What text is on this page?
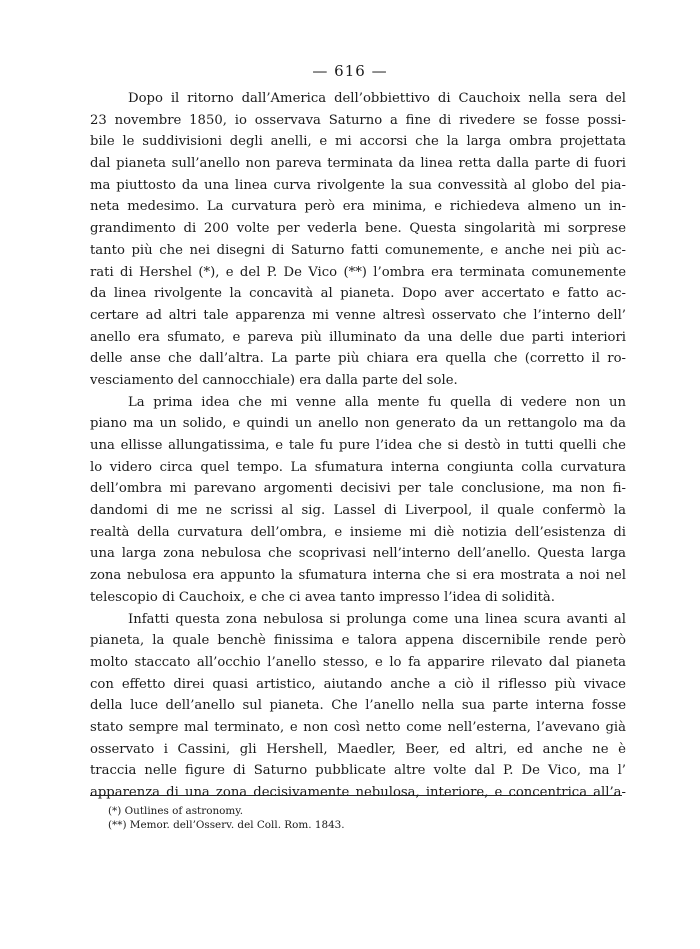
— 616 —
Dopo il ritorno dall’America dell’obbiettivo di Cauchoix nella sera del
23 novembre 1850, io osservava Saturno a fine di rivedere se fosse possi-
bile le suddivisioni degli anelli, e mi accorsi che la larga ombra projettata
dal pianeta sull’anello non pareva terminata da linea retta dalla parte di fuori
ma piuttosto da una linea curva rivolgente la sua convessità al globo del pia-
neta medesimo. La curvatura però era minima, e richiedeva almeno un in-
grandimento di 200 volte per vederla bene. Questa singolarità mi sorprese
tanto più che nei disegni di Saturno fatti comunemente, e anche nei più ac-
rati di Hershel (*), e del P. De Vico (**) l’ombra era terminata comunemente
da linea rivolgente la concavità al pianeta. Dopo aver accertato e fatto ac-
certare ad altri tale apparenza mi venne altresì osservato che l’interno dell’
anello era sfumato, e pareva più illuminato da una delle due parti interiori
delle anse che dall’altra. La parte più chiara era quella che (corretto il ro-
vesciamento del cannocchiale) era dalla parte del sole.
La prima idea che mi venne alla mente fu quella di vedere non un
piano ma un solido, e quindi un anello non generato da un rettangolo ma da
una ellisse allungatissima, e tale fu pure l’idea che si destò in tutti quelli che
lo videro circa quel tempo. La sfumatura interna congiunta colla curvatura
dell’ombra mi parevano argomenti decisivi per tale conclusione, ma non fi-
dandomi di me ne scrissi al sig. Lassel di Liverpool, il quale confermò la
realtà della curvatura dell’ombra, e insieme mi diè notizia dell’esistenza di
una larga zona nebulosa che scoprivasi nell’interno dell’anello. Questa larga
zona nebulosa era appunto la sfumatura interna che si era mostrata a noi nel
telescopio di Cauchoix, e che ci avea tanto impresso l’idea di solidità.
Infatti questa zona nebulosa si prolunga come una linea scura avanti al
pianeta, la quale benchè finissima e talora appena discernibile rende però
molto staccato all’occhio l’anello stesso, e lo fa apparire rilevato dal pianeta
con effetto direi quasi artistico, aiutando anche a ciò il riflesso più vivace
della luce dell’anello sul pianeta. Che l’anello nella sua parte interna fosse
stato sempre mal terminato, e non così netto come nell’esterna, l’avevano già
osservato i Cassini, gli Hershell, Maedler, Beer, ed altri, ed anche ne è
traccia nelle figure di Saturno pubblicate altre volte dal P. De Vico, ma l’
apparenza di una zona decisivamente nebulosa, interiore, e concentrica all’a-
(*) Outlines of astronomy.
(**) Memor. dell’Osserv. del Coll. Rom. 1843.
